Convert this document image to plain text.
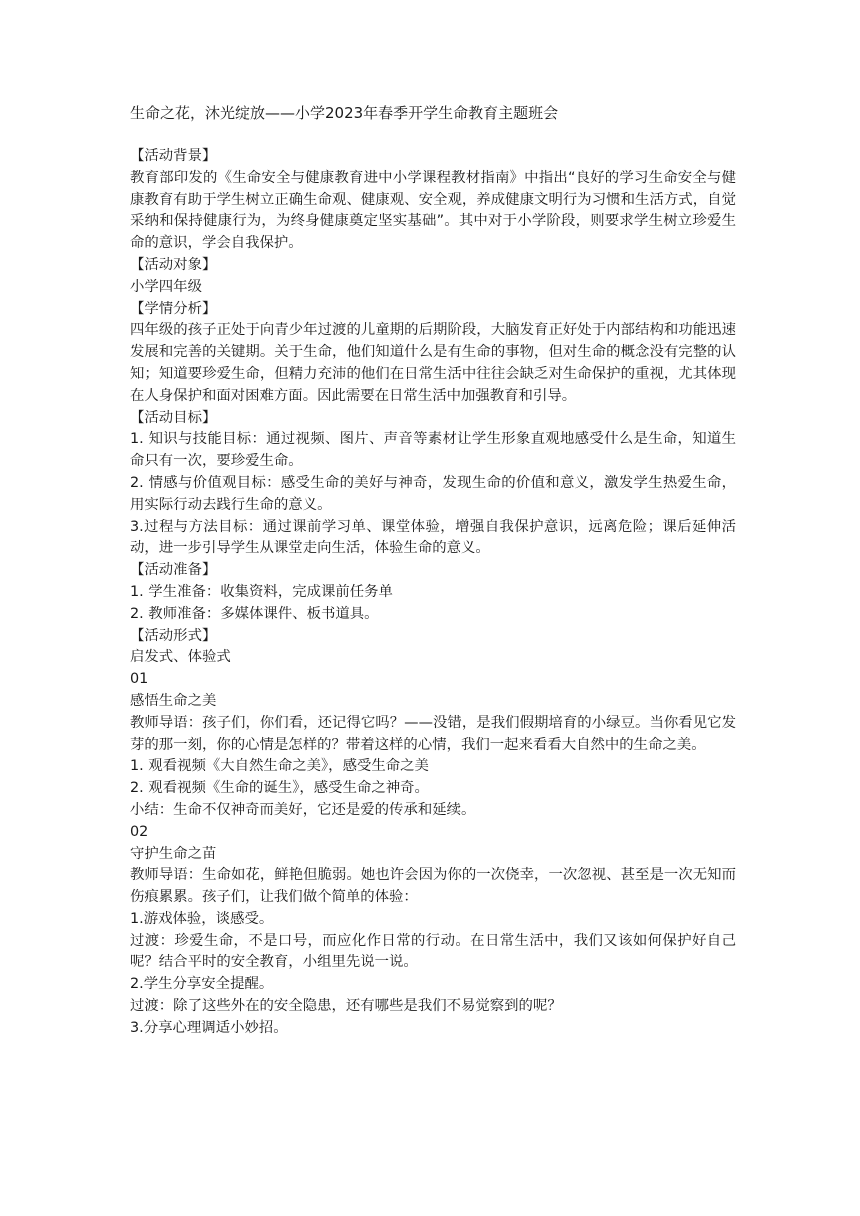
生命之花，沐光绽放——小学2023年春季开学生命教育主题班会

【活动背景】

教育部印发的《生命安全与健康教育进中小学课程教材指南》中指出“良好的学习生命安全与健康教育有助于学生树立正确生命观、健康观、安全观，养成健康文明行为习惯和生活方式，自觉采纳和保持健康行为，为终身健康奠定坚实基础”。其中对于小学阶段，则要求学生树立珍爱生命的意识，学会自我保护。

【活动对象】

小学四年级

【学情分析】

四年级的孩子正处于向青少年过渡的儿童期的后期阶段，大脑发育正好处于内部结构和功能迅速发展和完善的关键期。关于生命，他们知道什么是有生命的事物，但对生命的概念没有完整的认知；知道要珍爱生命，但精力充沛的他们在日常生活中往往会缺乏对生命保护的重视，尤其体现在人身保护和面对困难方面。因此需要在日常生活中加强教育和引导。

【活动目标】

1. 知识与技能目标：通过视频、图片、声音等素材让学生形象直观地感受什么是生命，知道生命只有一次，要珍爱生命。

2. 情感与价值观目标：感受生命的美好与神奇，发现生命的价值和意义，激发学生热爱生命，用实际行动去践行生命的意义。

3.过程与方法目标：通过课前学习单、课堂体验，增强自我保护意识，远离危险；课后延伸活动，进一步引导学生从课堂走向生活，体验生命的意义。

【活动准备】

1. 学生准备：收集资料，完成课前任务单

2. 教师准备：多媒体课件、板书道具。

【活动形式】

启发式、体验式

01

感悟生命之美

教师导语：孩子们，你们看，还记得它吗？——没错，是我们假期培育的小绿豆。当你看见它发芽的那一刻，你的心情是怎样的？带着这样的心情，我们一起来看看大自然中的生命之美。

1. 观看视频《大自然生命之美》，感受生命之美

2. 观看视频《生命的诞生》，感受生命之神奇。

小结：生命不仅神奇而美好，它还是爱的传承和延续。

02

守护生命之苗

教师导语：生命如花，鲜艳但脆弱。她也许会因为你的一次侥幸，一次忽视、甚至是一次无知而伤痕累累。孩子们，让我们做个简单的体验：

1.游戏体验，谈感受。

过渡：珍爱生命，不是口号，而应化作日常的行动。在日常生活中，我们又该如何保护好自己呢？结合平时的安全教育，小组里先说一说。

2.学生分享安全提醒。

过渡：除了这些外在的安全隐患，还有哪些是我们不易觉察到的呢？

3.分享心理调适小妙招。
